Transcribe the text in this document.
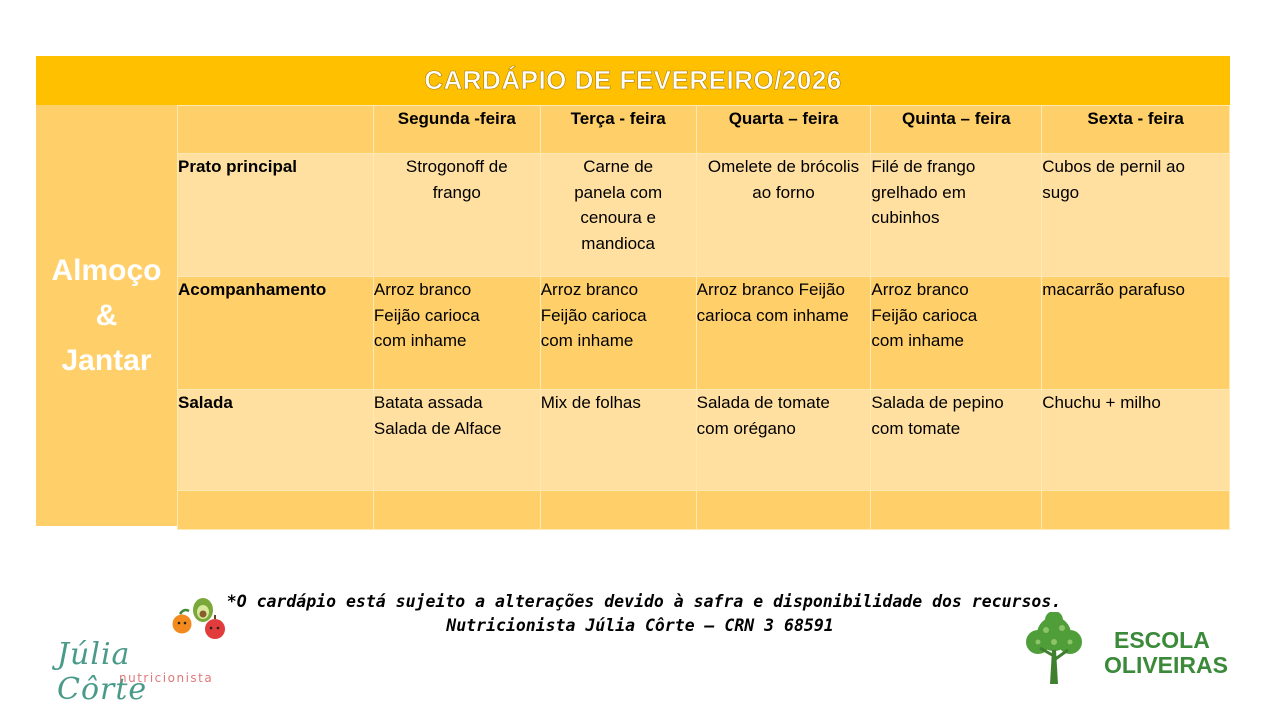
CARDÁPIO DE FEVEREIRO/2026
Almoço
&
Jantar
	Segunda -feira	Terça - feira	Quarta – feira	Quinta – feira	Sexta - feira
Prato principal	Strogonoff de frango	Carne de panela com cenoura e mandioca	Omelete de brócolis ao forno	Filé de frango grelhado em cubinhos	Cubos de pernil ao sugo
Acompanhamento	Arroz branco Feijão carioca com inhame	Arroz branco Feijão carioca com inhame	Arroz branco Feijão carioca com inhame	Arroz branco Feijão carioca com inhame	macarrão parafuso
Salada	Batata assada Salada de Alface	Mix de folhas	Salada de tomate com orégano	Salada de pepino com tomate	Chuchu + milho

*O cardápio está sujeito a alterações devido à safra e disponibilidade dos recursos.
Nutricionista Júlia Côrte – CRN 3 68591
Júlia Côrte
nutricionista
ESCOLA
OLIVEIRAS
